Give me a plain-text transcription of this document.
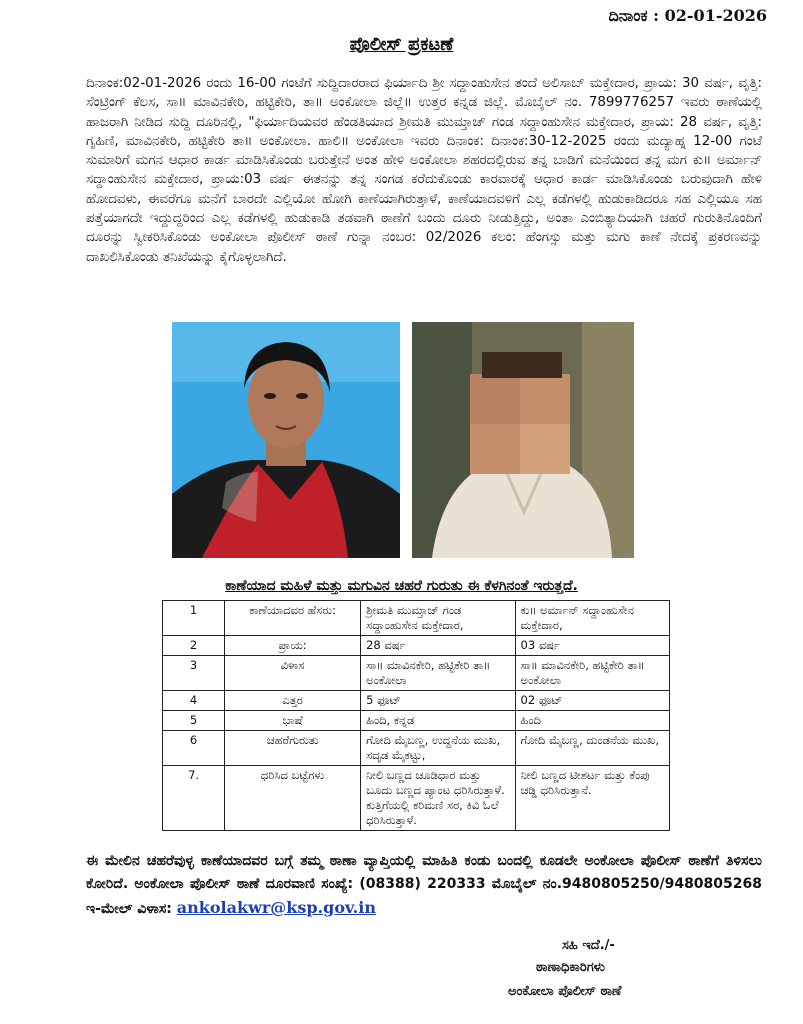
ದಿನಾಂಕ : 02-01-2026
ಪೊಲೀಸ್ ಪ್ರಕಟಣೆ
ದಿನಾಂಕ:02-01-2026 ರಂದು 16-00 ಗಂಟೆಗೆ ಸುದ್ದಿದಾರರಾದ ಫಿರ್ಯಾದಿ ಶ್ರೀ ಸದ್ದಾಂಹುಸೇನ ತಂದೆ ಅಲಿಸಾಬ್ ಮಕ್ತೇದಾರ, ಪ್ರಾಯ: 30 ವರ್ಷ, ವೃತ್ತಿ: ಸೆಂಟ್ರಿಂಗ್ ಕೆಲಸ, ಸಾ॥ ಮಾವಿನಕೇರಿ, ಹಟ್ಟಿಕೇರಿ, ತಾ॥ ಅಂಕೋಲಾ ಜಿಲ್ಲೆ॥ ಉತ್ತರ ಕನ್ನಡ ಜಿಲ್ಲೆ. ಮೊಬೈಲ್ ನಂ. 7899776257 ಇವರು ಠಾಣೆಯಲ್ಲಿ ಹಾಜರಾಗಿ ನೀಡಿದ ಸುದ್ದಿ ದೂರಿನಲ್ಲಿ, "ಫಿರ್ಯಾದಿಯವರ ಹೆಂಡತಿಯಾದ ಶ್ರೀಮತಿ ಮುಮ್ತಾಜ್ ಗಂಡ ಸದ್ದಾಂಹುಸೇನ ಮಕ್ತೇದಾರ, ಪ್ರಾಯ: 28 ವರ್ಷ, ವೃತ್ತಿ: ಗೃಹಿಣಿ, ಮಾವಿನಕೇರಿ, ಹಟ್ಟಿಕೇರಿ ತಾ॥ ಅಂಕೋಲಾ. ಹಾಲಿ॥ ಅಂಕೋಲಾ ಇವರು ದಿನಾಂಕ: ದಿನಾಂಕ:30-12-2025 ರಂದು ಮದ್ಯಾಹ್ನ 12-00 ಗಂಟೆ ಸುಮಾರಿಗೆ ಮಗನ ಆಧಾರ ಕಾರ್ಡ ಮಾಡಿಸಿಕೊಂಡು ಬರುತ್ತೇನೆ ಅಂತ ಹೇಳಿ ಅಂಕೋಲಾ ಶಹರದಲ್ಲಿರುವ ತನ್ನ ಬಾಡಿಗೆ ಮನೆಯಿಂದ ತನ್ನ ಮಗ ಕು॥ ಅರ್ಮಾನ್ ಸದ್ದಾಂಹುಸೇನ ಮಕ್ತೇದಾರ, ಪ್ರಾಯ:03 ವರ್ಷ ಈತನನ್ನು ತನ್ನ ಸಂಗಡ ಕರೆದುಕೊಂಡು ಕಾರವಾರಕ್ಕೆ ಆಧಾರ ಕಾರ್ಡ ಮಾಡಿಸಿಕೊಂಡು ಬರುವುದಾಗಿ ಹೇಳಿ ಹೋದವಳು, ಈವರೆಗೂ ಮನೆಗೆ ಬಾರದೇ ಎಲ್ಲಿಯೋ ಹೋಗಿ ಕಾಣೆಯಾಗಿರುತ್ತಾಳೆ, ಕಾಣೆಯಾದವಳಿಗೆ ಎಲ್ಲ ಕಡೆಗಳಲ್ಲಿ ಹುಡುಕಾಡಿದರೂ ಸಹ ಎಲ್ಲಿಯೂ ಸಹ ಪತ್ತೆಯಾಗದೇ ಇದ್ದುದ್ದರಿಂದ ಎಲ್ಲ ಕಡೆಗಳಲ್ಲಿ ಹುಡುಕಾಡಿ ತಡವಾಗಿ ಠಾಣೆಗೆ ಬಂದು ದೂರು ನೀಡುತ್ತಿದ್ದು, ಅಂತಾ ಎಂಬಿತ್ಯಾದಿಯಾಗಿ ಚಹರೆ ಗುರುತಿನೊಂದಿಗೆ ದೂರನ್ನು ಸ್ವೀಕರಿಸಿಕೊಂಡು ಅಂಕೋಲಾ ಪೊಲೀಸ್ ಠಾಣೆ ಗುನ್ನಾ ನಂಬರ: 02/2026 ಕಲಂ: ಹೆಂಗಸ್ಸು ಮತ್ತು ಮಗು ಕಾಣೆ ನೇದಕ್ಕೆ ಪ್ರಕರಣವನ್ನು ದಾಖಲಿಸಿಕೊಂಡು ತನಿಖೆಯನ್ನು ಕೈಗೊಳ್ಳಲಾಗಿದೆ.
ಕಾಣೆಯಾದ ಮಹಿಳೆ ಮತ್ತು ಮಗುವಿನ ಚಹರೆ ಗುರುತು ಈ ಕೆಳಗಿನಂತೆ ಇರುತ್ತದೆ.
1	ಕಾಣೆಯಾದವರ ಹೆಸರು:	ಶ್ರೀಮತಿ ಮುಮ್ತಾಜ್ ಗಂಡ ಸದ್ದಾಂಹುಸೇನ ಮಕ್ತೇದಾರ,	ಕು॥ ಅರ್ಮಾನ್ ಸದ್ದಾಂಹುಸೇನ ಮಕ್ತೇದಾರ,
2	ಪ್ರಾಯ:	28 ವರ್ಷ	03 ವರ್ಷ
3	ವಿಳಾಸ	ಸಾ॥ ಮಾವಿನಕೇರಿ, ಹಟ್ಟಿಕೇರಿ ತಾ॥ ಅಂಕೋಲಾ	ಸಾ॥ ಮಾವಿನಕೇರಿ, ಹಟ್ಟಿಕೇರಿ ತಾ॥ ಅಂಕೋಲಾ
4	ಎತ್ತರ	5 ಫೂಟ್	02 ಫೂಟ್
5	ಭಾಷೆ	ಹಿಂದಿ, ಕನ್ನಡ	ಹಿಂದಿ
6	ಚಹರೆಗುರುತು	ಗೋದಿ ಮೈಬಣ್ಣ, ಉದ್ದನೆಯ ಮುಖ, ಸದೃಡ ಮೈಕಟ್ಟು,	ಗೋದಿ ಮೈಬಣ್ಣ, ದುಂಡನೆಯ ಮುಖ,
7.	ಧರಿಸಿದ ಬಟ್ಟೆಗಳು	ನೀಲಿ ಬಣ್ಣದ ಚೂಡಿಧಾರ ಮತ್ತು ಬೂದು ಬಣ್ಣದ ಪ್ಯಾಂಟ ಧರಿಸಿರುತ್ತಾಳೆ. ಕುತ್ತಿಗೆಯಲ್ಲಿ ಕರಿಮಣಿ ಸರ, ಕಿವಿ ಓಲೆ ಧರಿಸಿರುತ್ತಾಳೆ.	ನೀಲಿ ಬಣ್ಣದ ಟೀಶರ್ಟ ಮತ್ತು ಕೆಂಪು ಚಡ್ಡಿ ಧರಿಸಿರುತ್ತಾನೆ.
ಈ ಮೇಲಿನ ಚಹರೆವುಳ್ಳ ಕಾಣೆಯಾದವರ ಬಗ್ಗೆ ತಮ್ಮ ಠಾಣಾ ವ್ಯಾಪ್ತಿಯಲ್ಲಿ ಮಾಹಿತಿ ಕಂಡು ಬಂದಲ್ಲಿ ಕೂಡಲೇ ಅಂಕೋಲಾ ಪೊಲೀಸ್ ಠಾಣೆಗೆ ತಿಳಿಸಲು ಕೋರಿದೆ. ಅಂಕೋಲಾ ಪೊಲೀಸ್ ಠಾಣೆ ದೂರವಾಣಿ ಸಂಖ್ಯೆ: (08388) 220333 ಮೊಬೈಲ್ ನಂ.9480805250/9480805268 ಇ-ಮೇಲ್ ವಿಳಾಸ: ankolakwr@ksp.gov.in
ಸಹಿ ಇದೆ./-
ಠಾಣಾಧಿಕಾರಿಗಳು
ಅಂಕೋಲಾ ಪೊಲೀಸ್ ಠಾಣೆ
